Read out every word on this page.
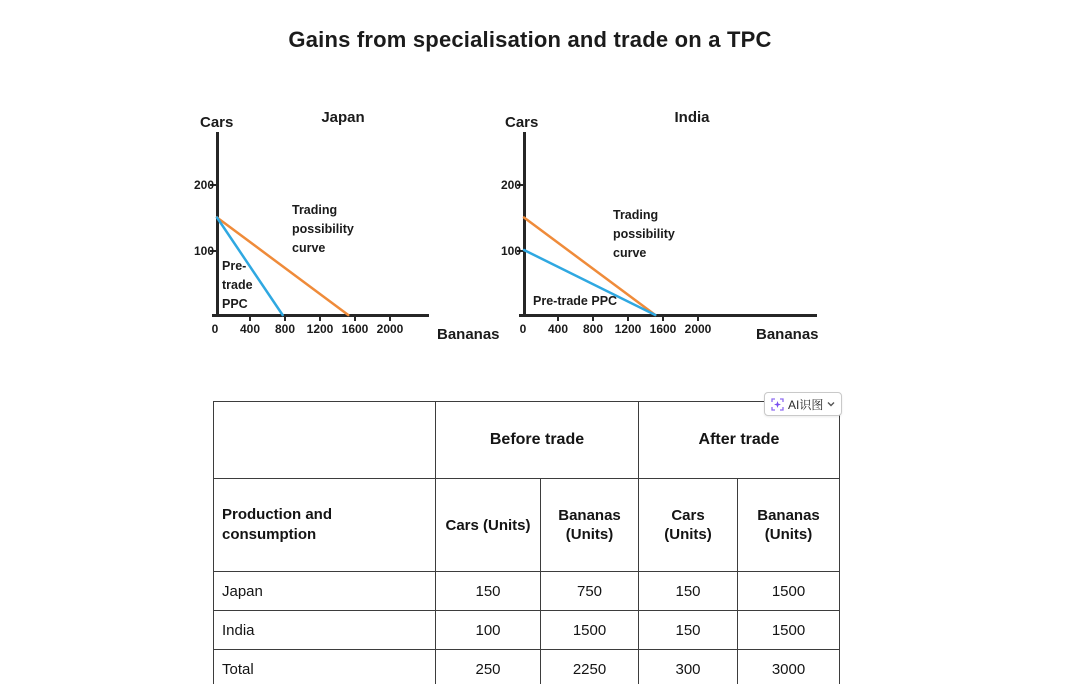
Gains from specialisation and trade on a TPC
Cars	Japan
200
100
0 400 800 1200 1600 2000 Bananas
Trading
possibility
curve
Pre-
trade
PPC
Cars	India
200
100
0 400 800 1200 1600 2000	Bananas
Trading
possibility
curve
Pre-trade PPC
AI识图
	Before trade		After trade	
Production and consumption	Cars (Units)	Bananas (Units)	Cars (Units)	Bananas (Units)
Japan	150	750	150	1500
India	100	1500	150	1500
Total	250	2250	300	3000
